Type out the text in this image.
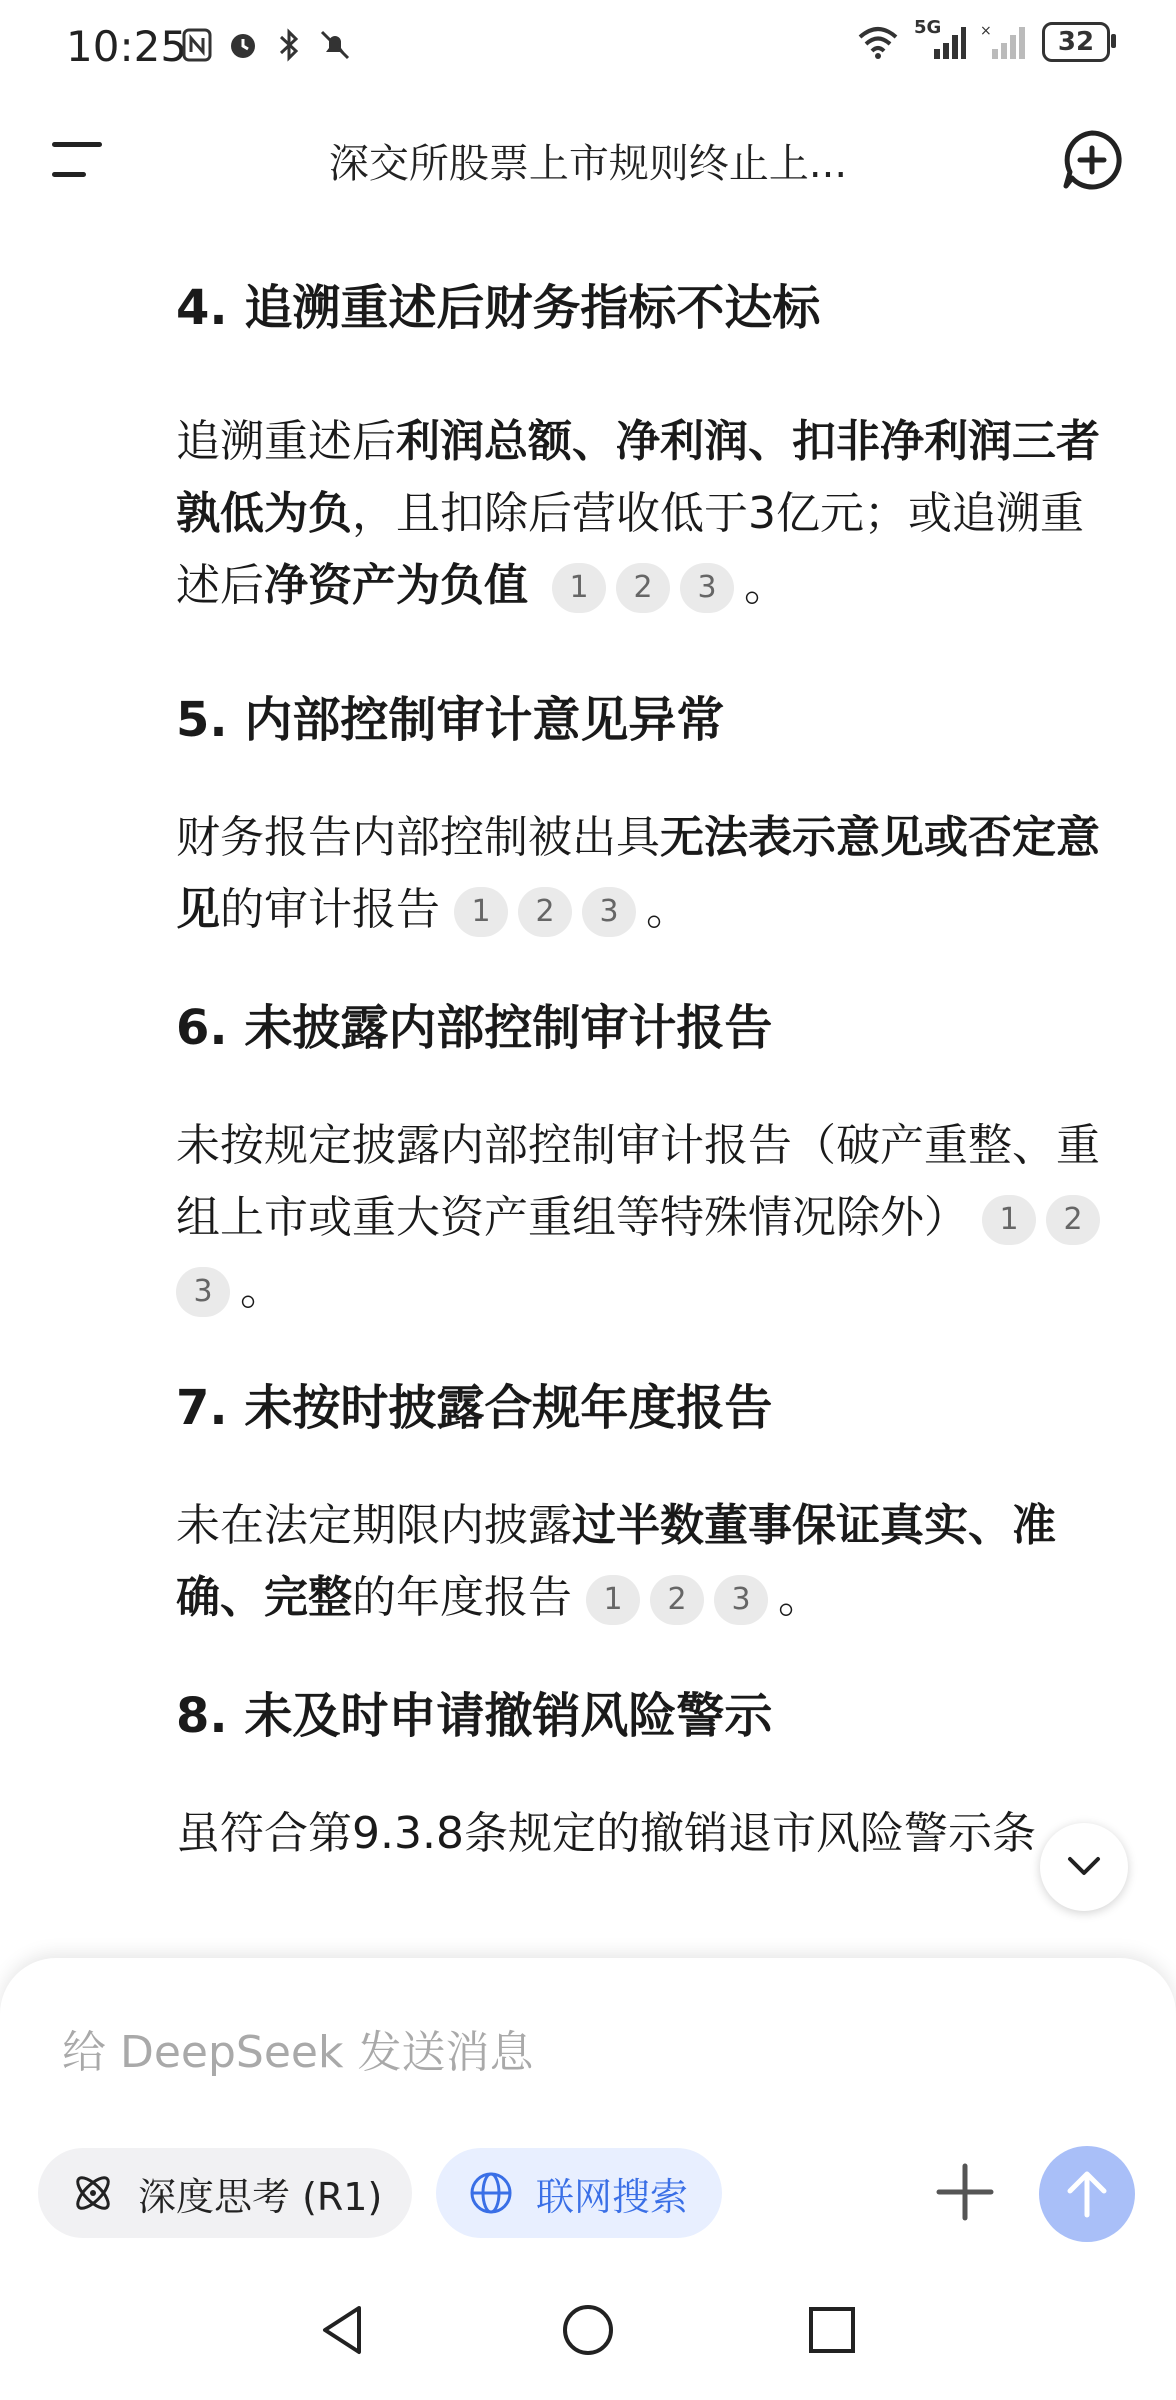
10:25	5G	×	32
深交所股票上市规则终止上...
4. 追溯重述后财务指标不达标

追溯重述后利润总额、净利润、扣非净利润三者孰低为负，且扣除后营收低于3亿元；或追溯重述后净资产为负值 1 2 3 。

5. 内部控制审计意见异常

财务报告内部控制被出具无法表示意见或否定意见的审计报告 1 2 3 。

6. 未披露内部控制审计报告

未按规定披露内部控制审计报告（破产重整、重组上市或重大资产重组等特殊情况除外） 1 23 。

7. 未按时披露合规年度报告

未在法定期限内披露过半数董事保证真实、准确、完整的年度报告 1 2 3 。

8. 未及时申请撤销风险警示

虽符合第9.3.8条规定的撤销退市风险警示条

给 DeepSeek 发送消息
深度思考 (R1)	联网搜索
